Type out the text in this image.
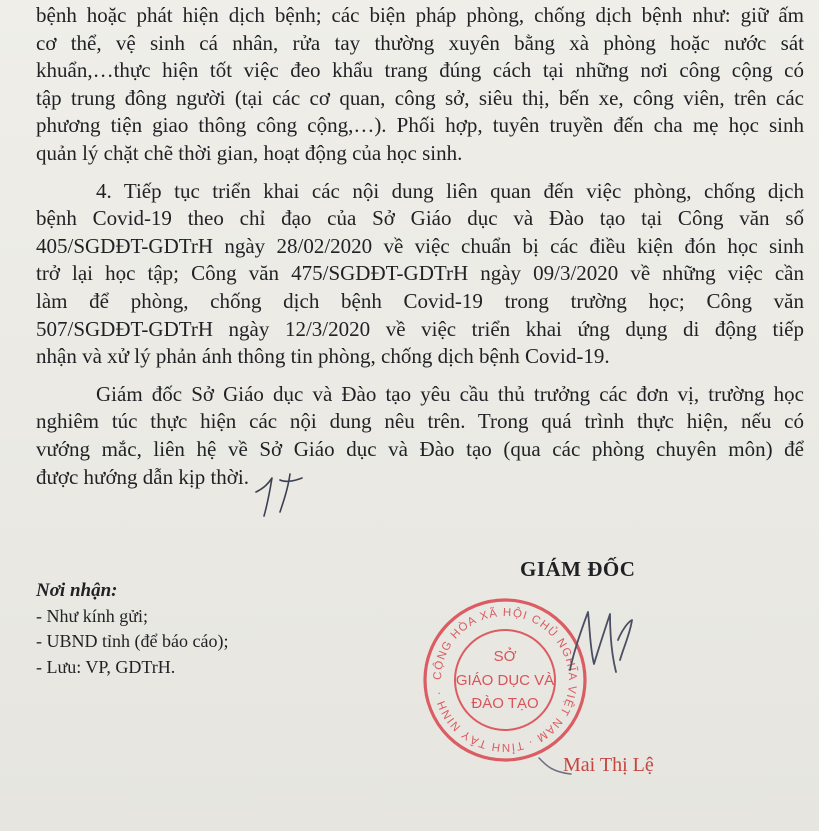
bệnh hoặc phát hiện dịch bệnh; các biện pháp phòng, chống dịch bệnh như: giữ ấm
cơ thể, vệ sinh cá nhân, rửa tay thường xuyên bằng xà phòng hoặc nước sát
khuẩn,…thực hiện tốt việc đeo khẩu trang đúng cách tại những nơi công cộng có
tập trung đông người (tại các cơ quan, công sở, siêu thị, bến xe, công viên, trên các
phương tiện giao thông công cộng,…). Phối hợp, tuyên truyền đến cha mẹ học sinh
quản lý chặt chẽ thời gian, hoạt động của học sinh.
4. Tiếp tục triển khai các nội dung liên quan đến việc phòng, chống dịch
bệnh Covid-19 theo chỉ đạo của Sở Giáo dục và Đào tạo tại Công văn số
405/SGDĐT-GDTrH ngày 28/02/2020 về việc chuẩn bị các điều kiện đón học sinh
trở lại học tập; Công văn 475/SGDĐT-GDTrH ngày 09/3/2020 về những việc cần
làm để phòng, chống dịch bệnh Covid-19 trong trường học; Công văn
507/SGDĐT-GDTrH ngày 12/3/2020 về việc triển khai ứng dụng di động tiếp
nhận và xử lý phản ánh thông tin phòng, chống dịch bệnh Covid-19.
Giám đốc Sở Giáo dục và Đào tạo yêu cầu thủ trưởng các đơn vị, trường học
nghiêm túc thực hiện các nội dung nêu trên. Trong quá trình thực hiện, nếu có
vướng mắc, liên hệ về Sở Giáo dục và Đào tạo (qua các phòng chuyên môn) để
được hướng dẫn kịp thời.
GIÁM ĐỐC
Nơi nhận:
- Như kính gửi;
- UBND tỉnh (để báo cáo);
- Lưu: VP, GDTrH.	CỘNG HÒA XÃ HỘI CHỦ NGHĨA VIỆT NAM · TỈNH TÂY NINH ·
SỞ
GIÁO DỤC VÀ
ĐÀO TẠO
Mai Thị Lệ
